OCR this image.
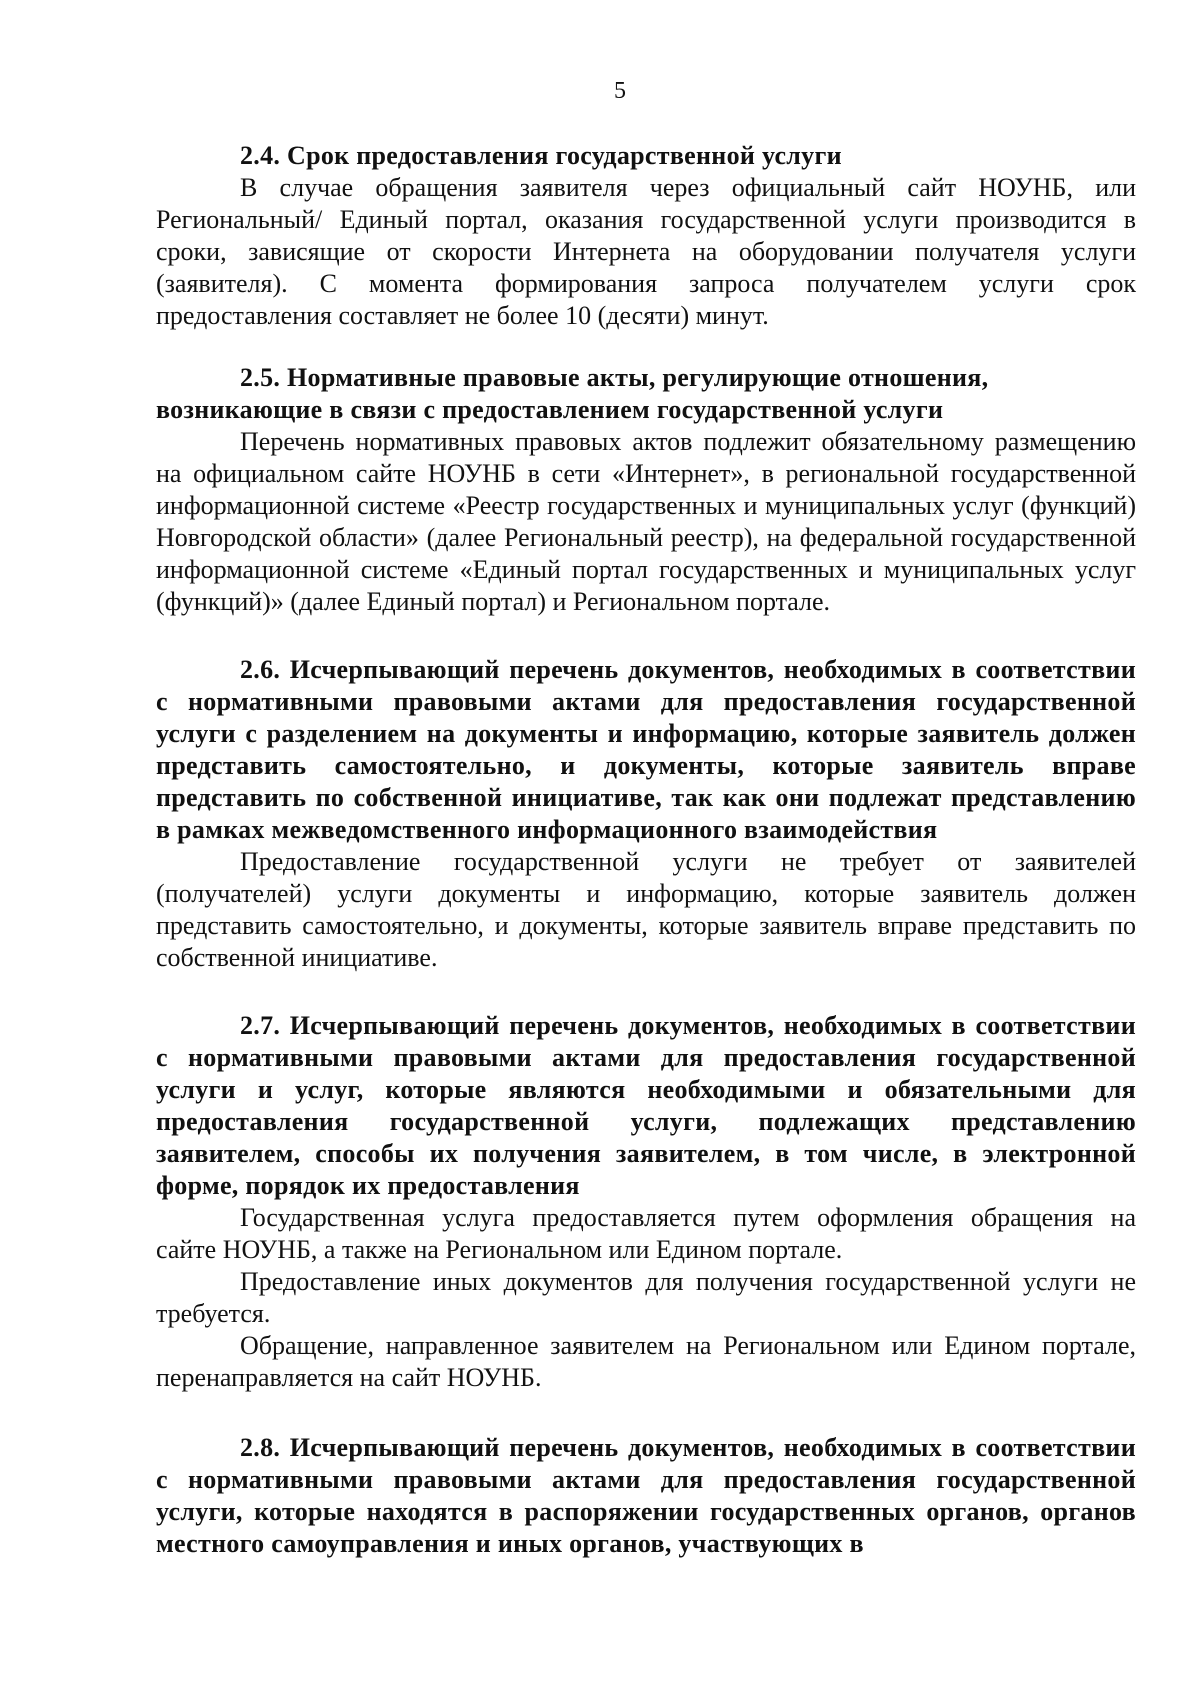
5

2.4. Срок предоставления государственной услуги

В случае обращения заявителя через официальный сайт НОУНБ, или Региональный/ Единый портал, оказания государственной услуги производится в сроки, зависящие от скорости Интернета на оборудовании получателя услуги (заявителя). С момента формирования запроса получателем услуги срок предоставления составляет не более 10 (десяти) минут.

2.5. Нормативные правовые акты, регулирующие отношения, возникающие в связи с предоставлением государственной услуги

Перечень нормативных правовых актов подлежит обязательному размещению на официальном сайте НОУНБ в сети «Интернет», в региональной государственной информационной системе «Реестр государственных и муниципальных услуг (функций) Новгородской области» (далее Региональный реестр), на федеральной государственной информационной системе «Единый портал государственных и муниципальных услуг (функций)» (далее Единый портал) и Региональном портале.

2.6. Исчерпывающий перечень документов, необходимых в соответствии с нормативными правовыми актами для предоставления государственной услуги с разделением на документы и информацию, которые заявитель должен представить самостоятельно, и документы, которые заявитель вправе представить по собственной инициативе, так как они подлежат представлению в рамках межведомственного информационного взаимодействия

Предоставление государственной услуги не требует от заявителей (получателей) услуги документы и информацию, которые заявитель должен представить самостоятельно, и документы, которые заявитель вправе представить по собственной инициативе.

2.7. Исчерпывающий перечень документов, необходимых в соответствии с нормативными правовыми актами для предоставления государственной услуги и услуг, которые являются необходимыми и обязательными для предоставления государственной услуги, подлежащих представлению заявителем, способы их получения заявителем, в том числе, в электронной форме, порядок их предоставления

Государственная услуга предоставляется путем оформления обращения на сайте НОУНБ, а также на Региональном или Едином портале.

Предоставление иных документов для получения государственной услуги не требуется.

Обращение, направленное заявителем на Региональном или Едином портале, перенаправляется на сайт НОУНБ.

2.8. Исчерпывающий перечень документов, необходимых в соответствии с нормативными правовыми актами для предоставления государственной услуги, которые находятся в распоряжении государственных органов, органов местного самоуправления и иных органов, участвующих в
